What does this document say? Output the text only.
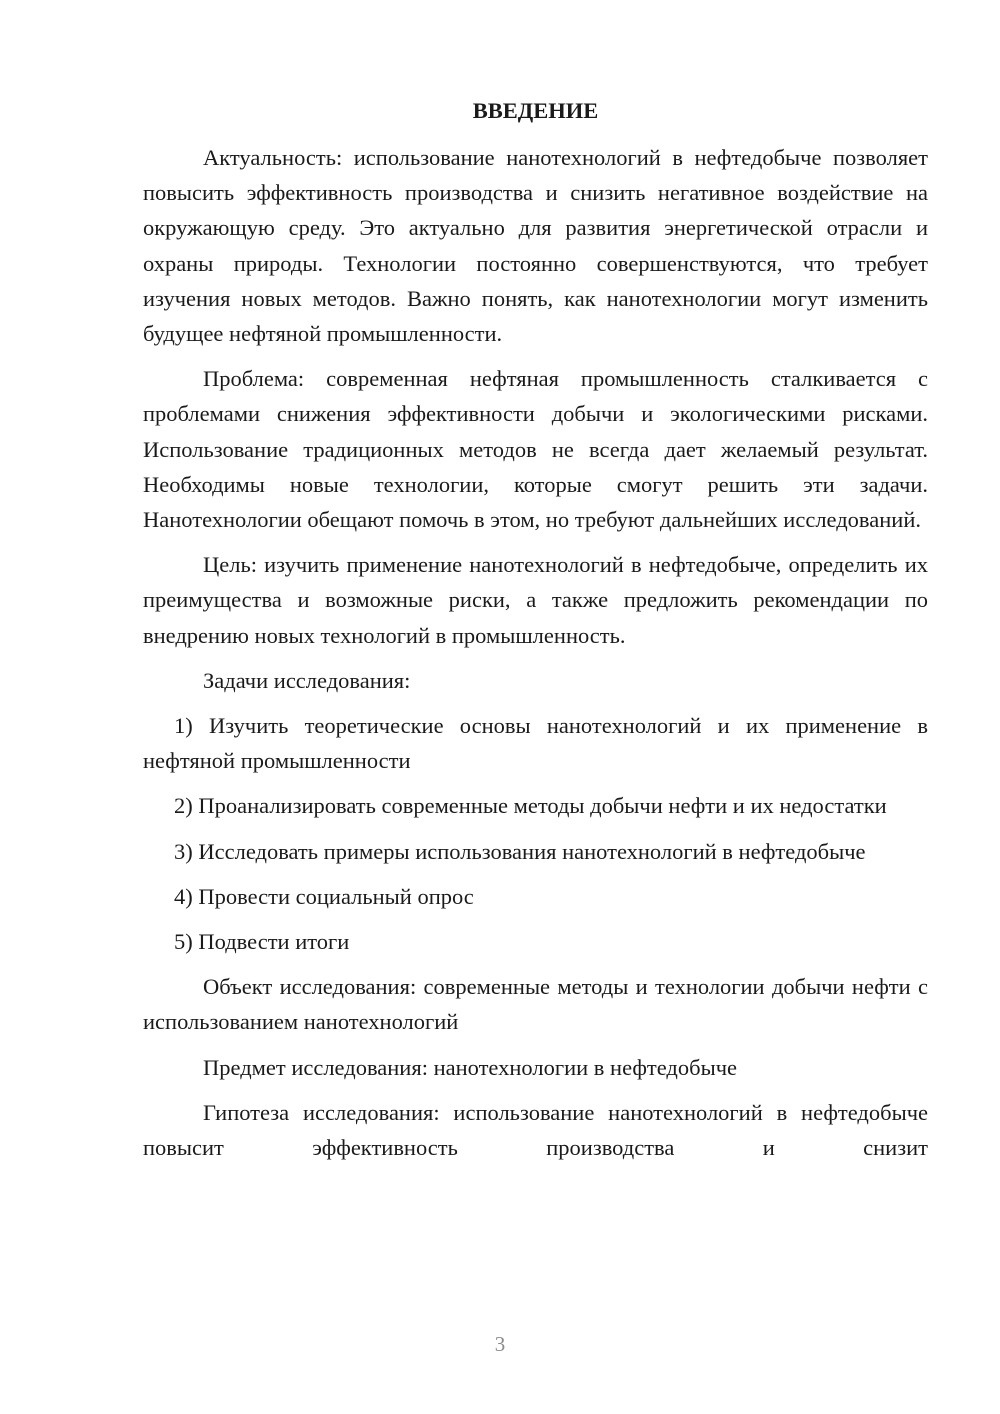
ВВЕДЕНИЕ

Актуальность: использование нанотехнологий в нефтедобыче позволяет повысить эффективность производства и снизить негативное воздействие на окружающую среду. Это актуально для развития энергетической отрасли и охраны природы. Технологии постоянно совершенствуются, что требует изучения новых методов. Важно понять, как нанотехнологии могут изменить будущее нефтяной промышленности.

Проблема: современная нефтяная промышленность сталкивается с проблемами снижения эффективности добычи и экологическими рисками. Использование традиционных методов не всегда дает желаемый результат. Необходимы новые технологии, которые смогут решить эти задачи. Нанотехнологии обещают помочь в этом, но требуют дальнейших исследований.

Цель: изучить применение нанотехнологий в нефтедобыче, определить их преимущества и возможные риски, а также предложить рекомендации по внедрению новых технологий в промышленность.

Задачи исследования:

1) Изучить теоретические основы нанотехнологий и их применение в нефтяной промышленности

2) Проанализировать современные методы добычи нефти и их недостатки

3) Исследовать примеры использования нанотехнологий в нефтедобыче

4) Провести социальный опрос

5) Подвести итоги

Объект исследования: современные методы и технологии добычи нефти с использованием нанотехнологий

Предмет исследования: нанотехнологии в нефтедобыче

Гипотеза исследования: использование нанотехнологий в нефтедобыче повысит эффективность производства и снизит

3
